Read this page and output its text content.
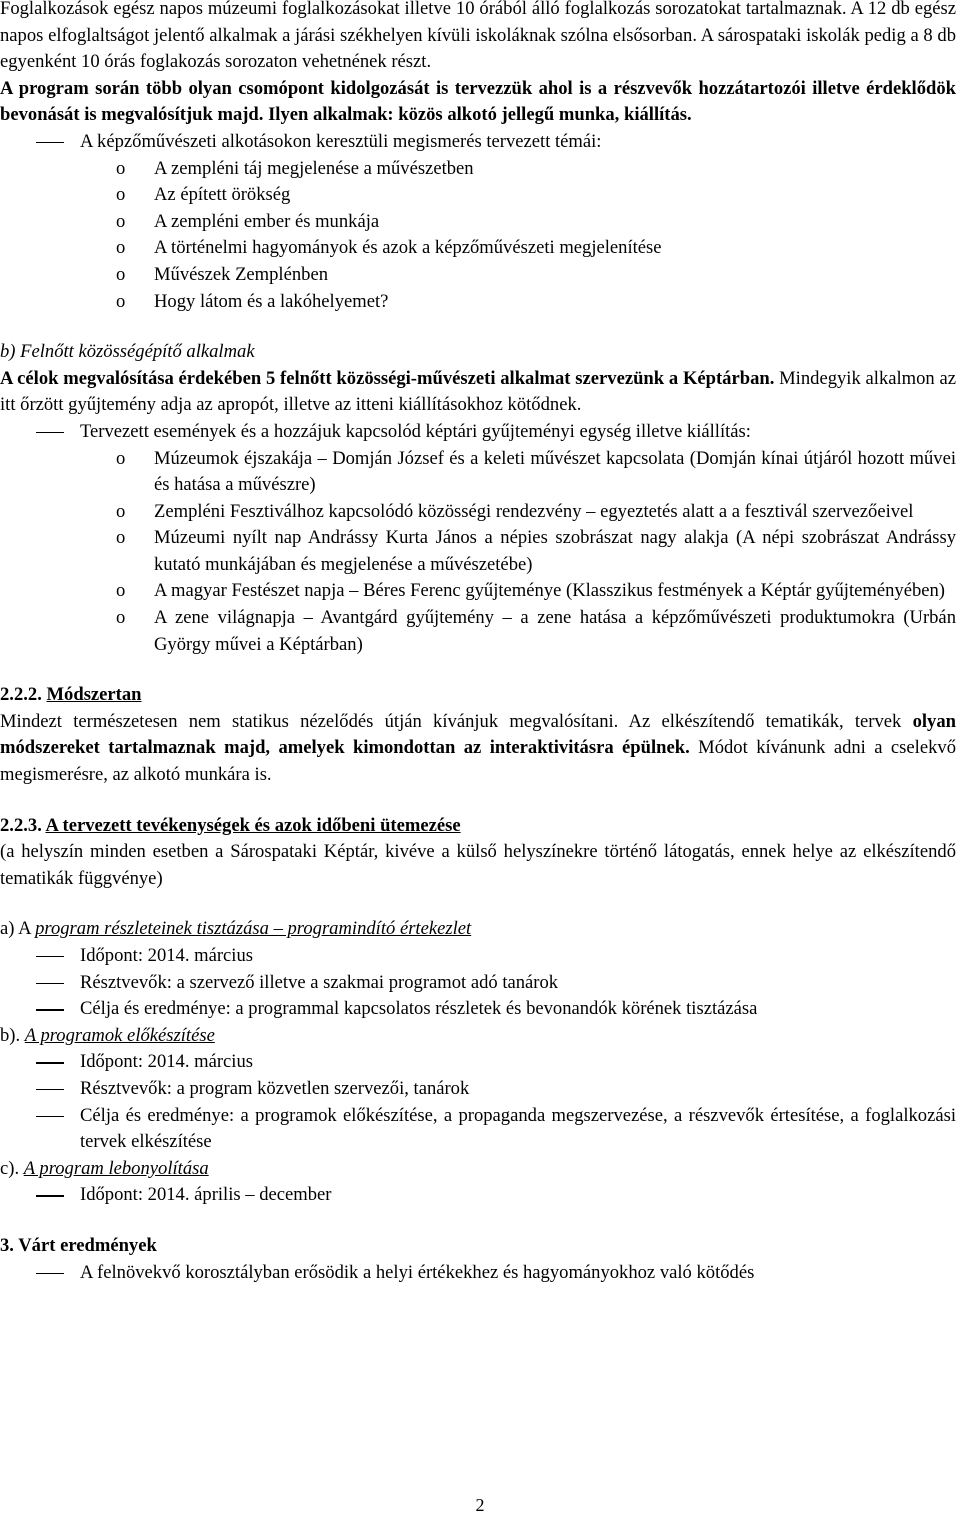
Foglalkozások egész napos múzeumi foglalkozásokat illetve 10 órából álló foglalkozás sorozatokat tartalmaznak. A 12 db egész napos elfoglaltságot jelentő alkalmak a járási székhelyen kívüli iskoláknak szólna elsősorban. A sárospataki iskolák pedig a 8 db egyenként 10 órás foglakozás sorozaton vehetnének részt.

A program során több olyan csomópont kidolgozását is tervezzük ahol is a részvevők hozzátartozói illetve érdeklődök bevonását is megvalósítjuk majd. Ilyen alkalmak: közös alkotó jellegű munka, kiállítás.

A képzőművészeti alkotásokon keresztüli megismerés tervezett témái:

o A zempléni táj megjelenése a művészetben

o Az épített örökség

o A zempléni ember és munkája

o A történelmi hagyományok és azok a képzőművészeti megjelenítése

o Művészek Zemplénben

o Hogy látom és a lakóhelyemet?

b) Felnőtt közösségépítő alkalmak

A célok megvalósítása érdekében 5 felnőtt közösségi-művészeti alkalmat szervezünk a Képtárban. Mindegyik alkalmon az itt őrzött gyűjtemény adja az apropót, illetve az itteni kiállításokhoz kötődnek.

Tervezett események és a hozzájuk kapcsolód képtári gyűjteményi egység illetve kiállítás:

o Múzeumok éjszakája – Domján József és a keleti művészet kapcsolata (Domján kínai útjáról hozott művei és hatása a művészre)

o Zempléni Fesztiválhoz kapcsolódó közösségi rendezvény – egyeztetés alatt a a fesztivál szervezőeivel

o Múzeumi nyílt nap Andrássy Kurta János a népies szobrászat nagy alakja (A népi szobrászat Andrássy kutató munkájában és megjelenése a művészetébe)

o A magyar Festészet napja – Béres Ferenc gyűjteménye (Klasszikus festmények a Képtár gyűjteményében)

o A zene világnapja – Avantgárd gyűjtemény – a zene hatása a képzőművészeti produktumokra (Urbán György művei a Képtárban)

2.2.2. Módszertan

Mindezt természetesen nem statikus nézelődés útján kívánjuk megvalósítani. Az elkészítendő tematikák, tervek olyan módszereket tartalmaznak majd, amelyek kimondottan az interaktivitásra épülnek. Módot kívánunk adni a cselekvő megismerésre, az alkotó munkára is.

2.2.3. A tervezett tevékenységek és azok időbeni ütemezése

(a helyszín minden esetben a Sárospataki Képtár, kivéve a külső helyszínekre történő látogatás, ennek helye az elkészítendő tematikák függvénye)

a) A program részleteinek tisztázása – programindító értekezlet

Időpont: 2014. március

Résztvevők: a szervező illetve a szakmai programot adó tanárok

Célja és eredménye: a programmal kapcsolatos részletek és bevonandók körének tisztázása

b). A programok előkészítése

Időpont: 2014. március

Résztvevők: a program közvetlen szervezői, tanárok

Célja és eredménye: a programok előkészítése, a propaganda megszervezése, a részvevők értesítése, a foglalkozási tervek elkészítése

c). A program lebonyolítása

Időpont: 2014. április – december

3. Várt eredmények

A felnövekvő korosztályban erősödik a helyi értékekhez és hagyományokhoz való kötődés

2
